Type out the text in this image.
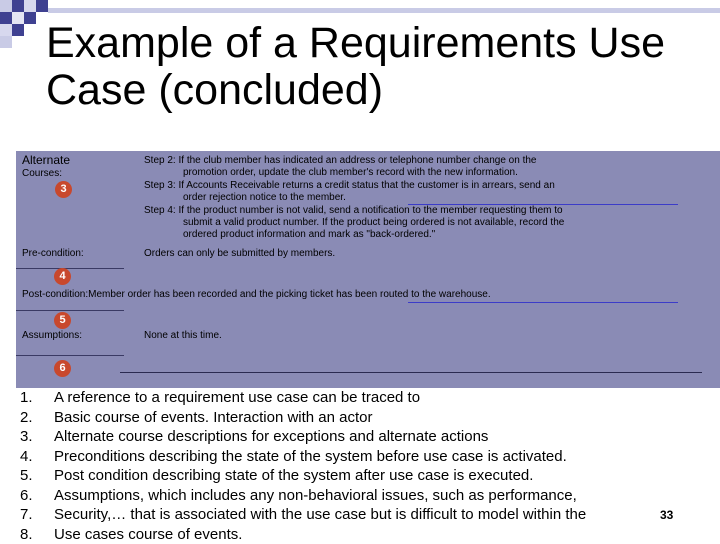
Example of a Requirements Use Case (concluded)
Alternate
Courses:
3
Step 2: If the club member has indicated an address or telephone number change on the
promotion order, update the club member's record with the new information.
Step 3: If Accounts Receivable returns a credit status that the customer is in arrears, send an
order rejection notice to the member.
Step 4: If the product number is not valid, send a notification to the member requesting them to
submit a valid product number. If the product being ordered is not available, record the
ordered product information and mark as "back-ordered."
Pre-condition:	Orders can only be submitted by members.
4
Post-condition:Member order has been recorded and the picking ticket has been routed to the warehouse.
5
Assumptions:	None at this time.
6
1. A reference to a requirement use case can be traced to
2. Basic course of events. Interaction with an actor
3. Alternate course descriptions for exceptions and alternate actions
4. Preconditions describing the state of the system before use case is activated.
5. Post condition describing state of the system after use case is executed.
6. Assumptions, which includes any non-behavioral issues, such as performance,
7. Security,… that is associated with the use case but is difficult to model within the
8. Use cases course of events.
33
